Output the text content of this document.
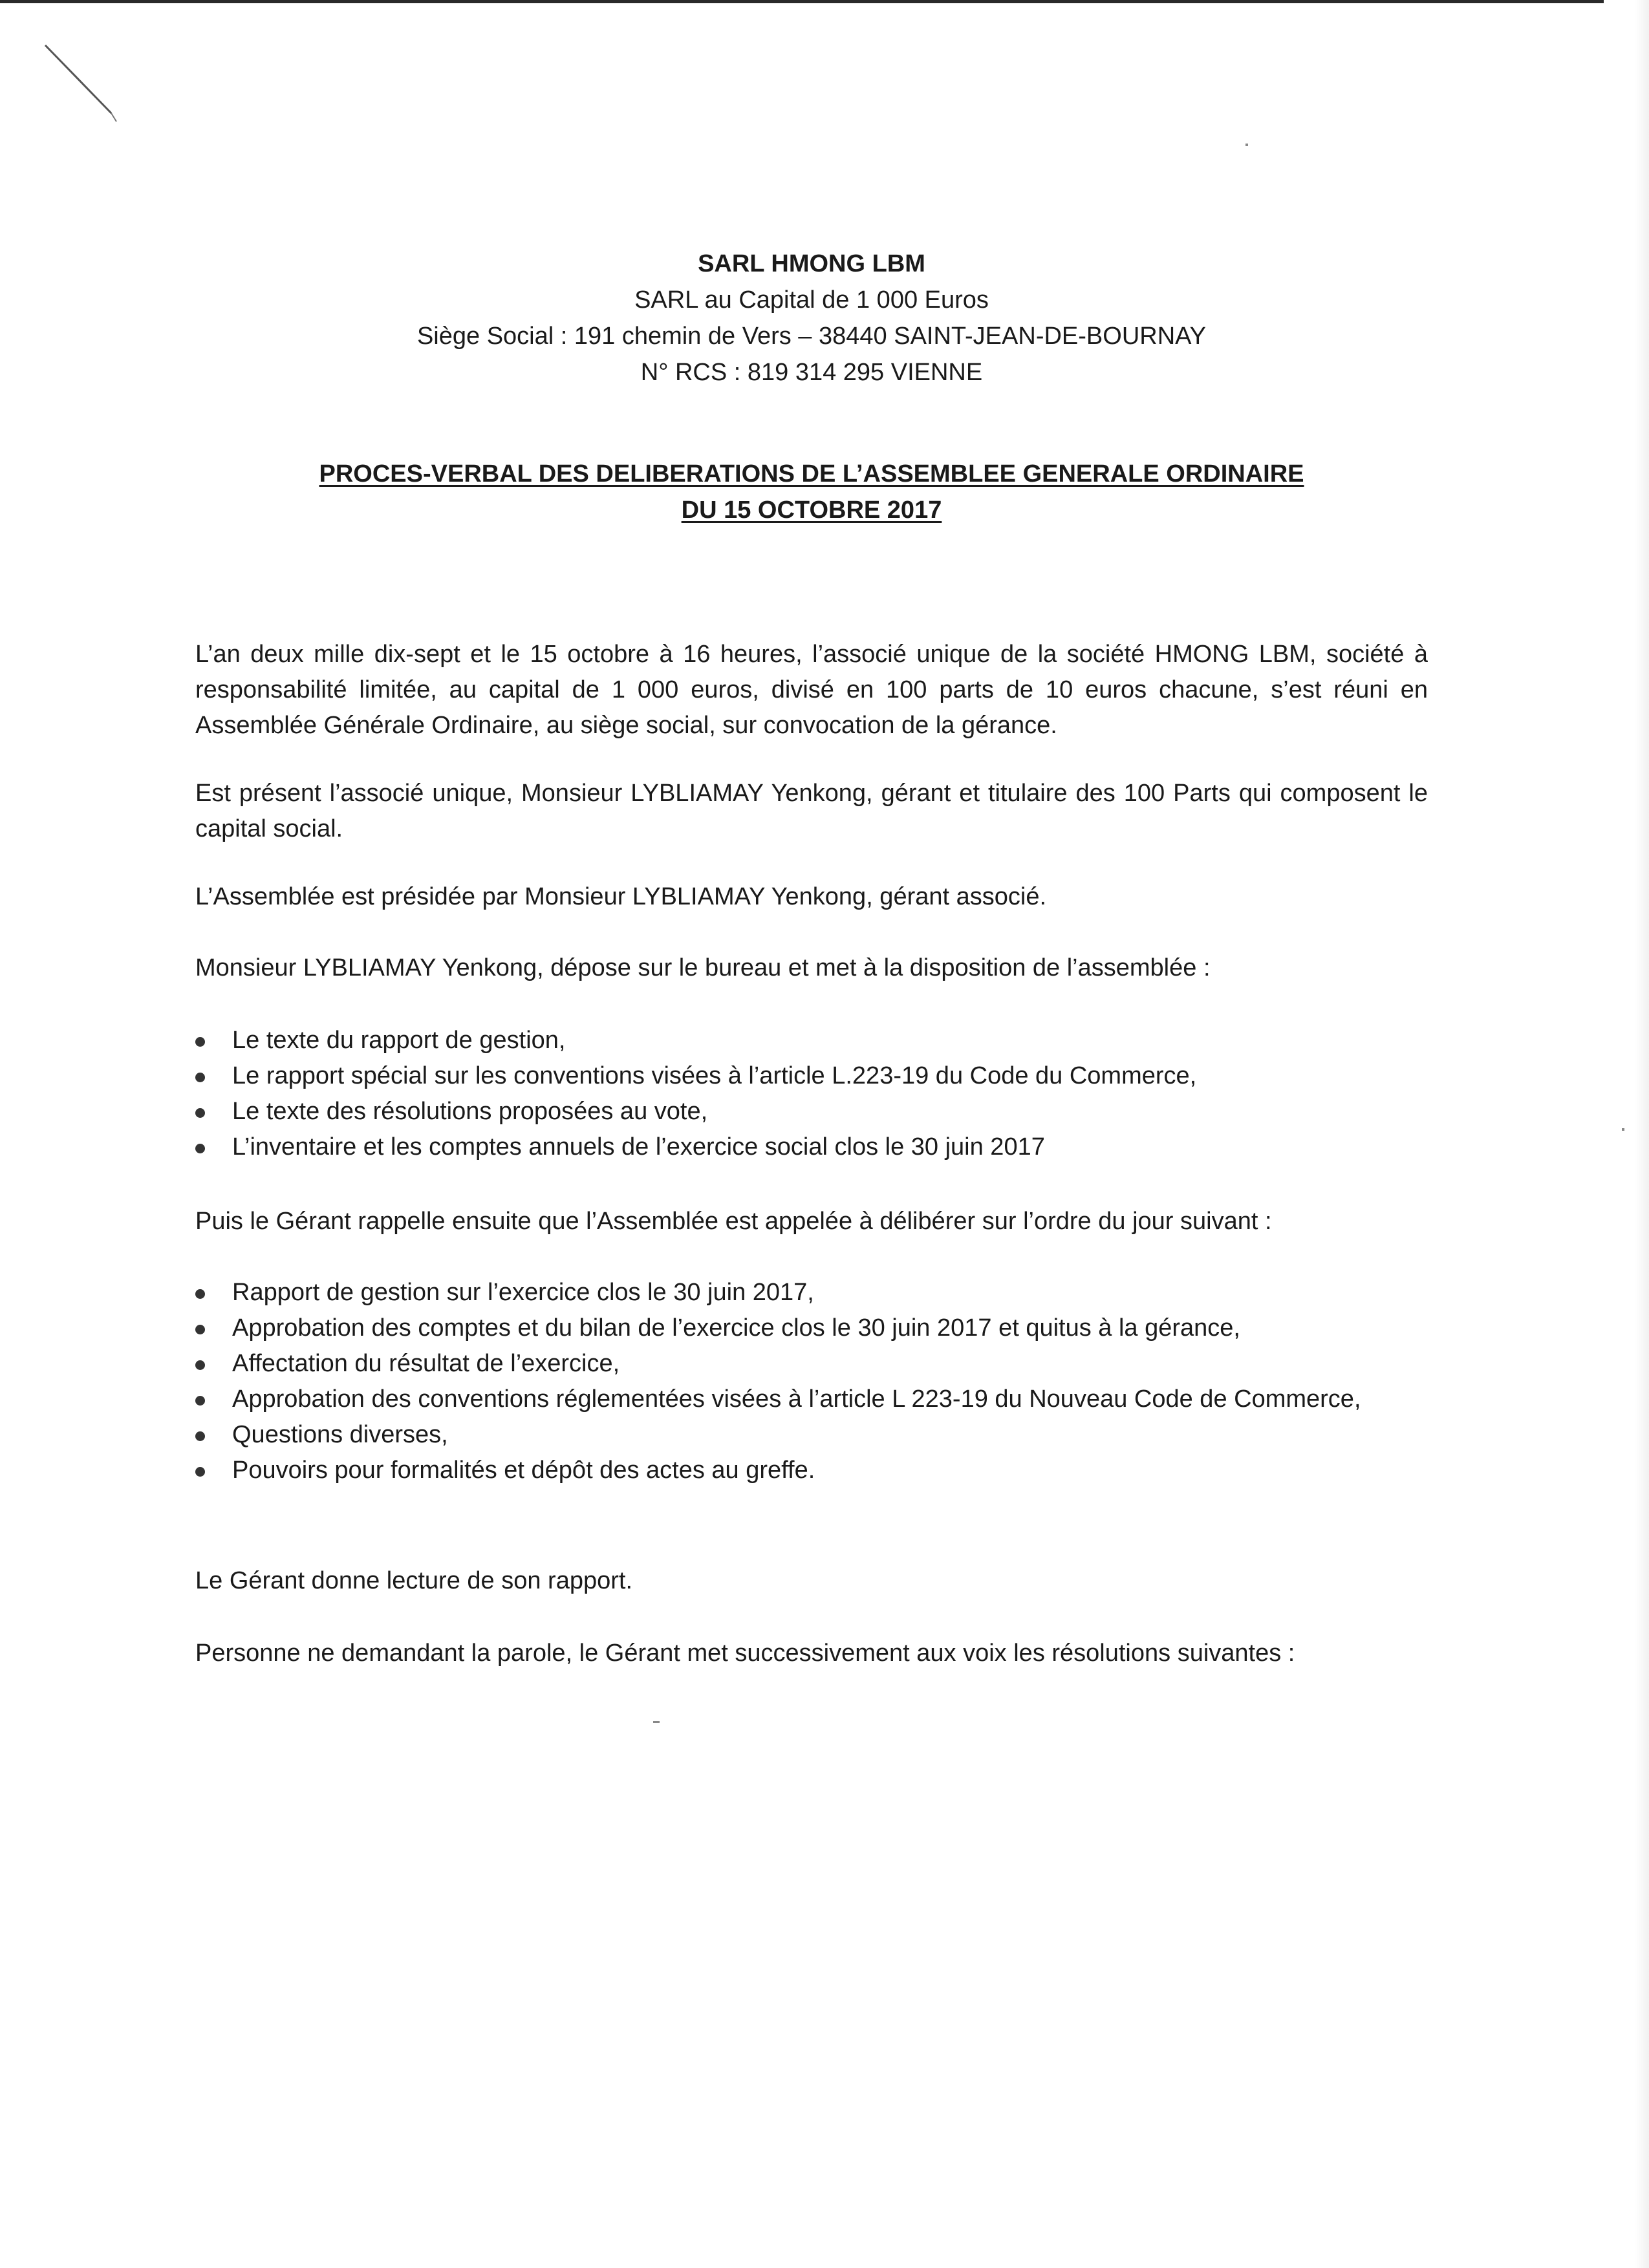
SARL HMONG LBM
SARL au Capital de 1 000 Euros
Siège Social : 191 chemin de Vers – 38440 SAINT-JEAN-DE-BOURNAY
N° RCS : 819 314 295 VIENNE
PROCES-VERBAL DES DELIBERATIONS DE L’ASSEMBLEE GENERALE ORDINAIRE
DU 15 OCTOBRE 2017

L’an deux mille dix-sept et le 15 octobre à 16 heures, l’associé unique de la société HMONG LBM, société à responsabilité limitée, au capital de 1 000 euros, divisé en 100 parts de 10 euros chacune, s’est réuni en Assemblée Générale Ordinaire, au siège social, sur convocation de la gérance.

Est présent l’associé unique, Monsieur LYBLIAMAY Yenkong, gérant et titulaire des 100 Parts qui composent le capital social.

L’Assemblée est présidée par Monsieur LYBLIAMAY Yenkong, gérant associé.

Monsieur LYBLIAMAY Yenkong, dépose sur le bureau et met à la disposition de l’assemblée :

Le texte du rapport de gestion,
Le rapport spécial sur les conventions visées à l’article L.223-19 du Code du Commerce,
Le texte des résolutions proposées au vote,
L’inventaire et les comptes annuels de l’exercice social clos le 30 juin 2017

Puis le Gérant rappelle ensuite que l’Assemblée est appelée à délibérer sur l’ordre du jour suivant :

Rapport de gestion sur l’exercice clos le 30 juin 2017,
Approbation des comptes et du bilan de l’exercice clos le 30 juin 2017 et quitus à la gérance,
Affectation du résultat de l’exercice,
Approbation des conventions réglementées visées à l’article L 223-19 du Nouveau Code de Commerce,
Questions diverses,
Pouvoirs pour formalités et dépôt des actes au greffe.

Le Gérant donne lecture de son rapport.

Personne ne demandant la parole, le Gérant met successivement aux voix les résolutions suivantes :
